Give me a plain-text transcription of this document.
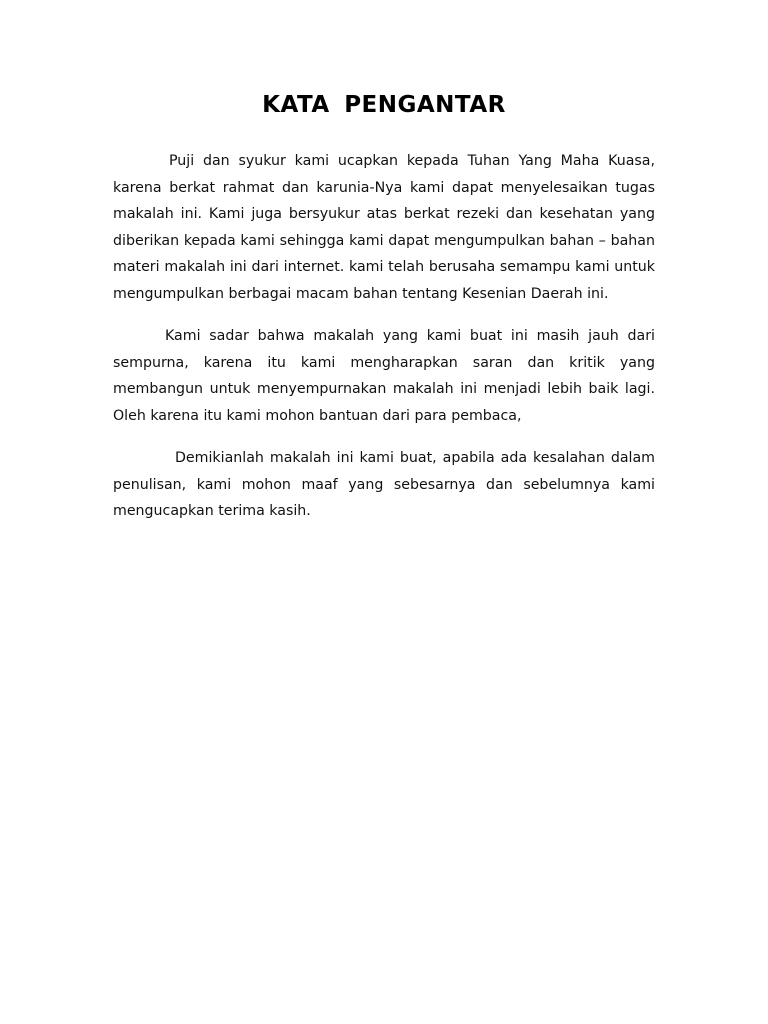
KATA PENGANTAR

Puji dan syukur kami ucapkan kepada Tuhan Yang Maha Kuasa, karena berkat rahmat dan karunia-Nya kami dapat menyelesaikan tugas makalah ini. Kami juga bersyukur atas berkat rezeki dan kesehatan yang diberikan kepada kami sehingga kami dapat mengumpulkan bahan – bahan materi makalah ini dari internet. kami telah berusaha semampu kami untuk mengumpulkan berbagai macam bahan tentang Kesenian Daerah ini.

Kami sadar bahwa makalah yang kami buat ini masih jauh dari sempurna, karena itu kami mengharapkan saran dan kritik yang membangun untuk menyempurnakan makalah ini menjadi lebih baik lagi. Oleh karena itu kami mohon bantuan dari para pembaca,

Demikianlah makalah ini kami buat, apabila ada kesalahan dalam penulisan, kami mohon maaf yang sebesarnya dan sebelumnya kami mengucapkan terima kasih.
